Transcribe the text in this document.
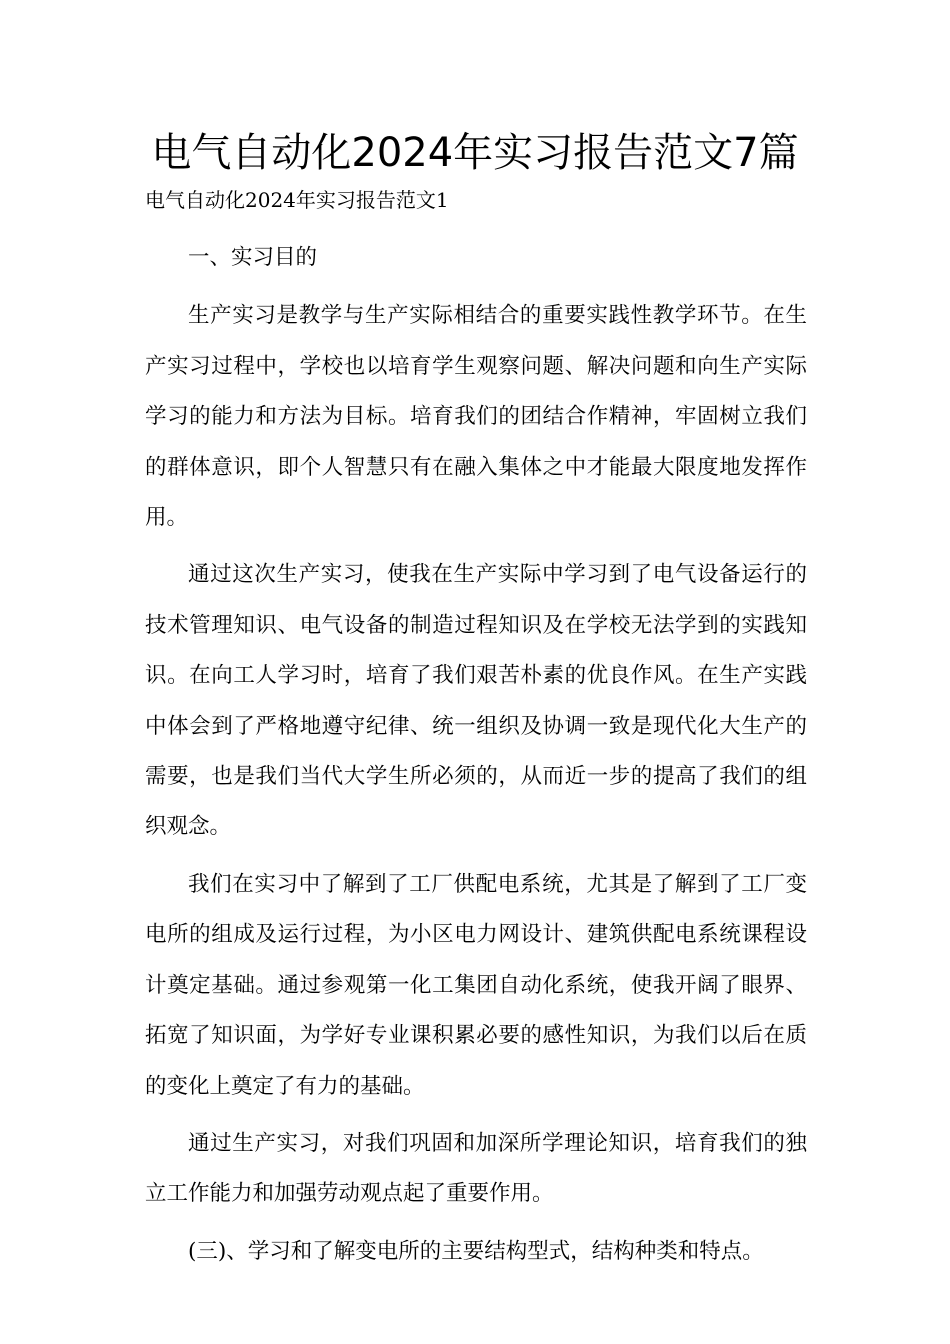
电气自动化2024年实习报告范文7篇

电气自动化2024年实习报告范文1

一、实习目的

生产实习是教学与生产实际相结合的重要实践性教学环节。在生产实习过程中，学校也以培育学生观察问题、解决问题和向生产实际学习的能力和方法为目标。培育我们的团结合作精神，牢固树立我们的群体意识，即个人智慧只有在融入集体之中才能最大限度地发挥作用。

通过这次生产实习，使我在生产实际中学习到了电气设备运行的技术管理知识、电气设备的制造过程知识及在学校无法学到的实践知识。在向工人学习时，培育了我们艰苦朴素的优良作风。在生产实践中体会到了严格地遵守纪律、统一组织及协调一致是现代化大生产的需要，也是我们当代大学生所必须的，从而近一步的提高了我们的组织观念。

我们在实习中了解到了工厂供配电系统，尤其是了解到了工厂变电所的组成及运行过程，为小区电力网设计、建筑供配电系统课程设计奠定基础。通过参观第一化工集团自动化系统，使我开阔了眼界、拓宽了知识面，为学好专业课积累必要的感性知识，为我们以后在质的变化上奠定了有力的基础。

通过生产实习，对我们巩固和加深所学理论知识，培育我们的独立工作能力和加强劳动观点起了重要作用。

(三)、学习和了解变电所的主要结构型式，结构种类和特点。
